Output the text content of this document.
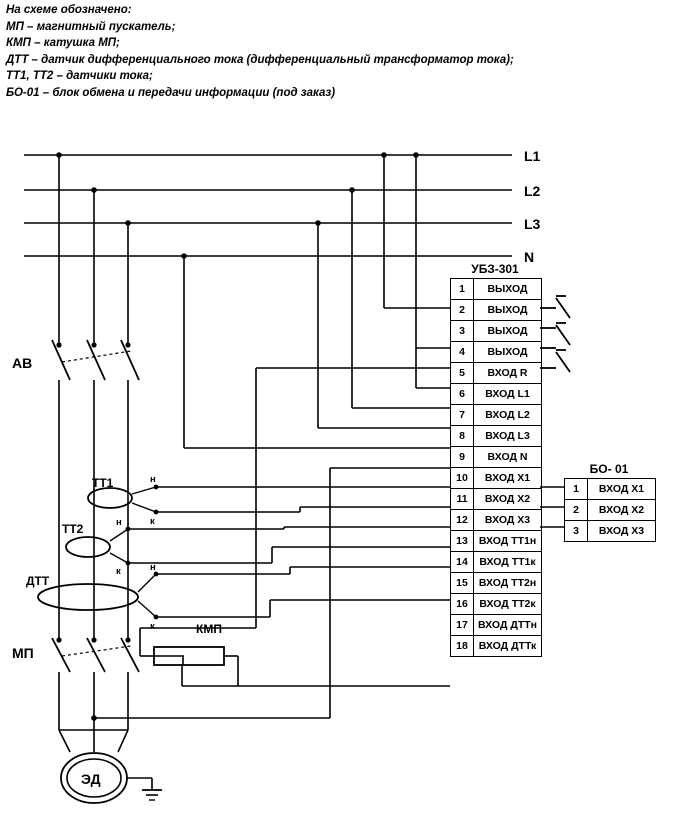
На схеме обозначено:
МП – магнитный пускатель;
КМП – катушка МП;
ДТТ – датчик дифференциального тока (дифференциальный трансформатор тока);
ТТ1, ТТ2 – датчики тока;
БО-01 – блок обмена и передачи информации (под заказ)
L1
L2
L3
N
АВ
МП
ЭД
ТТ1
ТТ2
ДТТ
н
к
н
к	н
к	КМП
УБЗ-301
1	ВЫХОД
2	ВЫХОД
3	ВЫХОД
4	ВЫХОД
5	ВХОД R
6	ВХОД L1
7	ВХОД L2
8	ВХОД L3
9	ВХОД N
10	ВХОД Х1
11	ВХОД Х2
12	ВХОД Х3
13	ВХОД ТТ1н
14	ВХОД ТТ1к
15	ВХОД ТТ2н
16	ВХОД ТТ2к
17 ВХОД ДТТн
18	ВХОД ДТТк
БО- 01
1	ВХОД Х1
2	ВХОД Х2
3	ВХОД Х3
